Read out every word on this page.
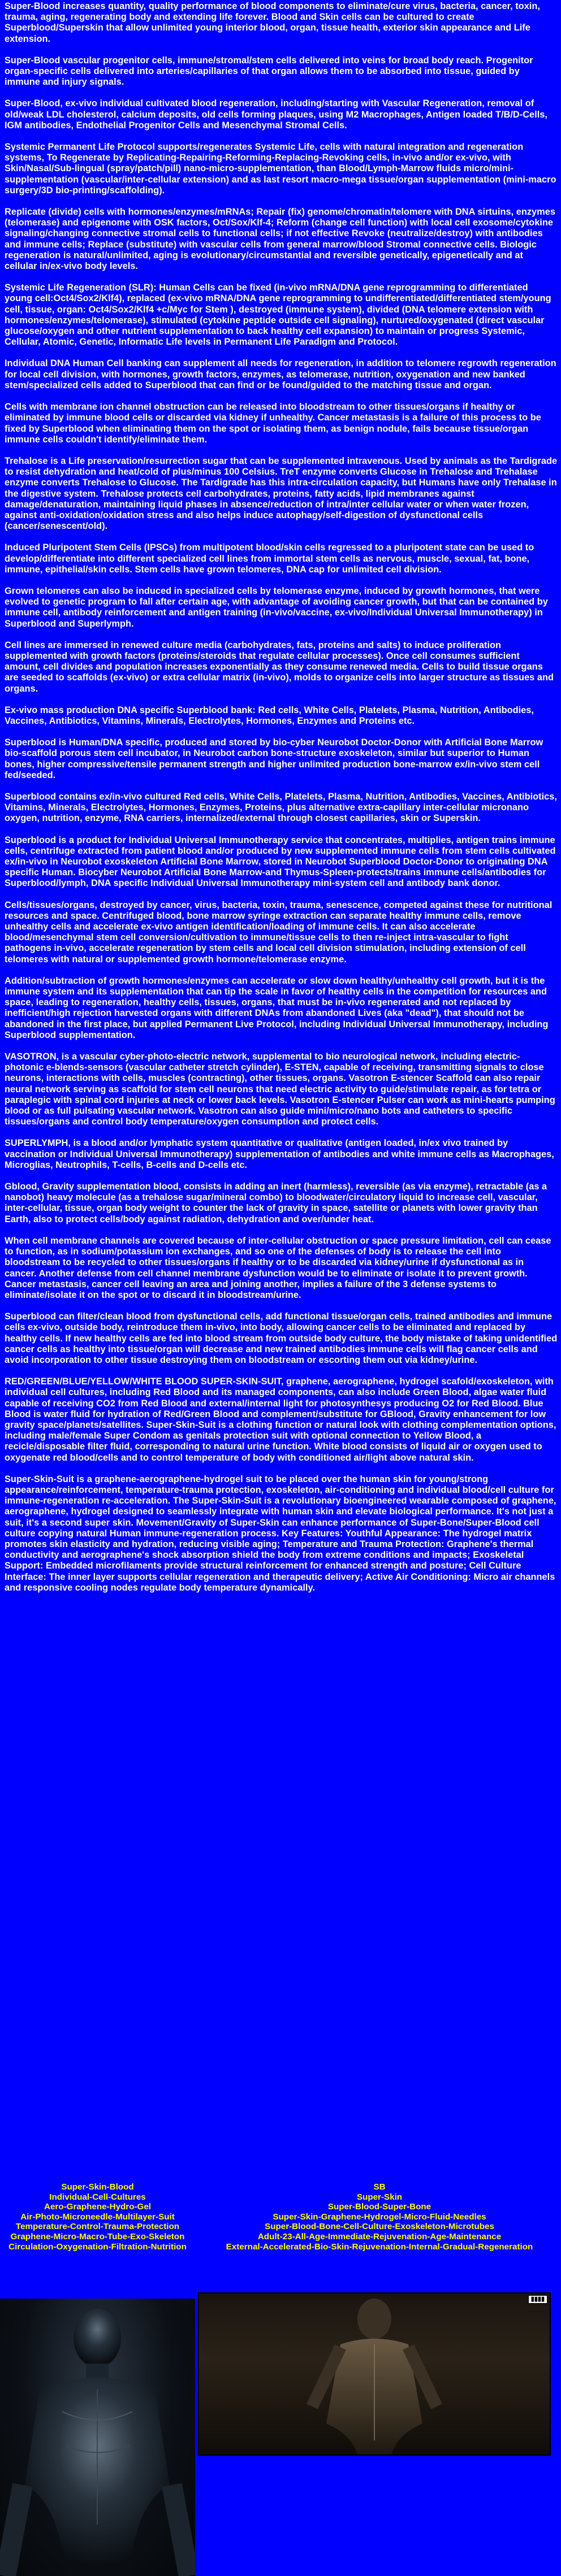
Super-Blood increases quantity, quality performance of blood components to eliminate/cure virus, bacteria, cancer, toxin, trauma, aging, regenerating body and extending life forever. Blood and Skin cells can be cultured to create Superblood/Superskin that allow unlimited young interior blood, organ, tissue health, exterior skin appearance and Life extension.
Super-Blood vascular progenitor cells, immune/stromal/stem cells delivered into veins for broad body reach. Progenitor organ-specific cells delivered into arteries/capillaries of that organ allows them to be absorbed into tissue, guided by immune and injury signals.
Super-Blood, ex-vivo individual cultivated blood regeneration, including/starting with Vascular Regeneration, removal of old/weak LDL cholesterol, calcium deposits, old cells forming plaques, using M2 Macrophages, Antigen loaded T/B/D-Cells, IGM antibodies, Endothelial Progenitor Cells and Mesenchymal Stromal Cells.
Systemic Permanent Life Protocol supports/regenerates Systemic Life, cells with natural integration and regeneration systems, To Regenerate by Replicating-Repairing-Reforming-Replacing-Revoking cells, in-vivo and/or ex-vivo, with Skin/Nasal/Sub-lingual (spray/patch/pill) nano-micro-supplementation, than Blood/Lymph-Marrow fluids micro/mini-supplementation (vascular/inter-cellular extension) and as last resort macro-mega tissue/organ supplementation (mini-macro surgery/3D bio-printing/scaffolding).
Replicate (divide) cells with hormones/enzymes/mRNAs; Repair (fix) genome/chromatin/telomere with DNA sirtuins, enzymes (telomerase) and epigenome with OSK factors, Oct/Sox/Klf-4; Reform (change cell function) with local cell exosome/cytokine signaling/changing connective stromal cells to functional cells; if not effective Revoke (neutralize/destroy) with antibodies and immune cells; Replace (substitute) with vascular cells from general marrow/blood Stromal connective cells. Biologic regeneration is natural/unlimited, aging is evolutionary/circumstantial and reversible genetically, epigenetically and at cellular in/ex-vivo body levels.
Systemic Life Regeneration (SLR): Human Cells can be fixed (in-vivo mRNA/DNA gene reprogramming to differentiated young cell:Oct4/Sox2/Klf4), replaced (ex-vivo mRNA/DNA gene reprogramming to undifferentiated/differentiated stem/young cell, tissue, organ: Oct4/Sox2/Klf4 +c/Myc for Stem ), destroyed (immune system), divided (DNA telomere extension with hormones/enzymes/telomerase), stimulated (cytokine peptide outside cell signaling), nurtured/oxygenated (direct vascular glucose/oxygen and other nutrient supplementation to back healthy cell expansion) to maintain or progress Systemic, Cellular, Atomic, Genetic, Informatic Life levels in Permanent Life Paradigm and Protocol.
Individual DNA Human Cell banking can supplement all needs for regeneration, in addition to telomere regrowth regeneration for local cell division, with hormones, growth factors, enzymes, as telomerase, nutrition, oxygenation and new banked stem/specialized cells added to Superblood that can find or be found/guided to the matching tissue and organ.
Cells with membrane ion channel obstruction can be released into bloodstream to other tissues/organs if healthy or eliminated by immune blood cells or discarded via kidney if unhealthy. Cancer metastasis is a failure of this process to be fixed by Superblood when eliminating them on the spot or isolating them, as benign nodule, fails because tissue/organ immune cells couldn't identify/eliminate them.
Trehalose is a Life preservation/resurrection sugar that can be supplemented intravenous. Used by animals as the Tardigrade to resist dehydration and heat/cold of plus/minus 100 Celsius. TreT enzyme converts Glucose in Trehalose and Trehalase enzyme converts Trehalose to Glucose. The Tardigrade has this intra-circulation capacity, but Humans have only Trehalase in the digestive system. Trehalose protects cell carbohydrates, proteins, fatty acids, lipid membranes against damage/denaturation, maintaining liquid phases in absence/reduction of intra/inter cellular water or when water frozen, against anti-oxidation/oxidation stress and also helps induce autophagy/self-digestion of dysfunctional cells (cancer/senescent/old).
Induced Pluripotent Stem Cells (IPSCs) from multipotent blood/skin cells regressed to a pluripotent state can be used to develop/differentiate into different specialized cell lines from immortal stem cells as nervous, muscle, sexual, fat, bone, immune, epithelial/skin cells. Stem cells have grown telomeres, DNA cap for unlimited cell division.
Grown telomeres can also be induced in specialized cells by telomerase enzyme, induced by growth hormones, that were evolved to genetic program to fall after certain age, with advantage of avoiding cancer growth, but that can be contained by immune cell, antibody reinforcement and antigen training (in-vivo/vaccine, ex-vivo/Individual Universal Immunotherapy) in Superblood and Superlymph.
Cell lines are immersed in renewed culture media (carbohydrates, fats, proteins and salts) to induce proliferation supplemented with growth factors (proteins/steroids that regulate cellular processes). Once cell consumes sufficient amount, cell divides and population increases exponentially as they consume renewed media. Cells to build tissue organs are seeded to scaffolds (ex-vivo) or extra cellular matrix (in-vivo), molds to organize cells into larger structure as tissues and organs.
Ex-vivo mass production DNA specific Superblood bank: Red cells, White Cells, Platelets, Plasma, Nutrition, Antibodies, Vaccines, Antibiotics, Vitamins, Minerals, Electrolytes, Hormones, Enzymes and Proteins etc.
Superblood is Human/DNA specific, produced and stored by bio-cyber Neurobot Doctor-Donor with Artificial Bone Marrow bio-scaffold porous stem cell incubator, in Neurobot carbon bone-structure exoskeleton, similar but superior to Human bones, higher compressive/tensile permanent strength and higher unlimited production bone-marrow ex/in-vivo stem cell fed/seeded.
Superblood contains ex/in-vivo cultured Red cells, White Cells, Platelets, Plasma, Nutrition, Antibodies, Vaccines, Antibiotics, Vitamins, Minerals, Electrolytes, Hormones, Enzymes, Proteins, plus alternative extra-capillary inter-cellular micronano oxygen, nutrition, enzyme, RNA carriers, internalized/external through closest capillaries, skin or Superskin.
Superblood is a product for Individual Universal Immunotherapy service that concentrates, multiplies, antigen trains immune cells, centrifuge extracted from patient blood and/or produced by new supplemented immune cells from stem cells cultivated ex/in-vivo in Neurobot exoskeleton Artificial Bone Marrow, stored in Neurobot Superblood Doctor-Donor to originating DNA specific Human. Biocyber Neurobot Artificial Bone Marrow-and Thymus-Spleen-protects/trains immune cells/antibodies for Superblood/lymph, DNA specific Individual Universal Immunotherapy mini-system cell and antibody bank donor.
Cells/tissues/organs, destroyed by cancer, virus, bacteria, toxin, trauma, senescence, competed against these for nutritional resources and space. Centrifuged blood, bone marrow syringe extraction can separate healthy immune cells, remove unhealthy cells and accelerate ex-vivo antigen identification/loading of immune cells. It can also accelerate blood/mesenchymal stem cell conversion/cultivation to immune/tissue cells to then re-inject intra-vascular to fight pathogens in-vivo, accelerate regeneration by stem cells and local cell division stimulation, including extension of cell telomeres with natural or supplemented growth hormone/telomerase enzyme.
Addition/subtraction of growth hormones/enzymes can accelerate or slow down healthy/unhealthy cell growth, but it is the immune system and its supplementation that can tip the scale in favor of healthy cells in the competition for resources and space, leading to regeneration, healthy cells, tissues, organs, that must be in-vivo regenerated and not replaced by inefficient/high rejection harvested organs with different DNAs from abandoned Lives (aka "dead"), that should not be abandoned in the first place, but applied Permanent Live Protocol, including Individual Universal Immunotherapy, including Superblood supplementation.
VASOTRON, is a vascular cyber-photo-electric network, supplemental to bio neurological network, including electric-photonic e-blends-sensors (vascular catheter stretch cylinder), E-STEN, capable of receiving, transmitting signals to close neurons, interactions with cells, muscles (contracting), other tissues, organs. Vasotron E-stencer Scaffold can also repair neural network serving as scaffold for stem cell neurons that need electric activity to guide/stimulate repair, as for tetra or paraplegic with spinal cord injuries at neck or lower back levels. Vasotron E-stencer Pulser can work as mini-hearts pumping blood or as full pulsating vascular network. Vasotron can also guide mini/micro/nano bots and catheters to specific tissues/organs and control body temperature/oxygen consumption and protect cells.
SUPERLYMPH, is a blood and/or lymphatic system quantitative or qualitative (antigen loaded, in/ex vivo trained by vaccination or Individual Universal Immunotherapy) supplementation of antibodies and white immune cells as Macrophages, Microglias, Neutrophils, T-cells, B-cells and D-cells etc.
Gblood, Gravity supplementation blood, consists in adding an inert (harmless), reversible (as via enzyme), retractable (as a nanobot) heavy molecule (as a trehalose sugar/mineral combo) to bloodwater/circulatory liquid to increase cell, vascular, inter-cellular, tissue, organ body weight to counter the lack of gravity in space, satellite or planets with lower gravity than Earth, also to protect cells/body against radiation, dehydration and over/under heat.
When cell membrane channels are covered because of inter-cellular obstruction or space pressure limitation, cell can cease to function, as in sodium/potassium ion exchanges, and so one of the defenses of body is to release the cell into bloodstream to be recycled to other tissues/organs if healthy or to be discarded via kidney/urine if dysfunctional as in cancer. Another defense from cell channel membrane dysfunction would be to eliminate or isolate it to prevent growth. Cancer metastasis, cancer cell leaving an area and joining another, implies a failure of the 3 defense systems to eliminate/isolate it on the spot or to discard it in bloodstream/urine.
Superblood can filter/clean blood from dysfunctional cells, add functional tissue/organ cells, trained antibodies and immune cells ex-vivo, outside body, reintroduce them in-vivo, into body, allowing cancer cells to be eliminated and replaced by healthy cells. If new healthy cells are fed into blood stream from outside body culture, the body mistake of taking unidentified cancer cells as healthy into tissue/organ will decrease and new trained antibodies immune cells will flag cancer cells and avoid incorporation to other tissue destroying them on bloodstream or escorting them out via kidney/urine.
RED/GREEN/BLUE/YELLOW/WHITE BLOOD SUPER-SKIN-SUIT, graphene, aerographene, hydrogel scafold/exoskeleton, with individual cell cultures, including Red Blood and its managed components, can also include Green Blood, algae water fluid capable of receiving CO2 from Red Blood and external/internal light for photosynthesys producing O2 for Red Blood. Blue Blood is water fluid for hydration of Red/Green Blood and complement/substitute for GBlood, Gravity enhancement for low gravity space/planets/satellites. Super-Skin-Suit is a clothing function or natural look with clothing complementation options, including male/female Super Condom as genitals protection suit with optional connection to Yellow Blood, a recicle/disposable filter fluid, corresponding to natural urine function. White blood consists of liquid air or oxygen used to oxygenate red blood/cells and to control temperature of body with conditioned air/light above natural skin.
Super-Skin-Suit is a graphene-aerographene-hydrogel suit to be placed over the human skin for young/strong appearance/reinforcement, temperature-trauma protection, exoskeleton, air-conditioning and individual blood/cell culture for immune-regeneration re-acceleration. The Super-Skin-Suit is a revolutionary bioengineered wearable composed of graphene, aerographene, hydrogel designed to seamlessly integrate with human skin and elevate biological performance. It's not just a suit, it's a second super skin. Movement/Gravity of Super-Skin can enhance performance of Super-Bone/Super-Blood cell culture copying natural Human immune-regeneration process. Key Features: Youthful Appearance: The hydrogel matrix promotes skin elasticity and hydration, reducing visible aging; Temperature and Trauma Protection: Graphene's thermal conductivity and aerographene's shock absorption shield the body from extreme conditions and impacts; Exoskeletal Support: Embedded microfilaments provide structural reinforcement for enhanced strength and posture; Cell Culture Interface: The inner layer supports cellular regeneration and therapeutic delivery; Active Air Conditioning: Micro air channels and responsive cooling nodes regulate body temperature dynamically.
Super-Skin-Blood
Individual-Cell-Cultures
Aero-Graphene-Hydro-Gel
Air-Photo-Microneedle-Multilayer-Suit
Temperature-Control-Trauma-Protection
Graphene-Micro-Macro-Tube-Exo-Skeleton
Circulation-Oxygenation-Filtration-Nutrition
SB
Super-Skin
Super-Blood-Super-Bone
Super-Skin-Graphene-Hydrogel-Micro-Fluid-Needles
Super-Blood-Bone-Cell-Culture-Exoskeleton-Microtubes
Adult-23-All-Age-Immediate-Rejuvenation-Age-Maintenance
External-Accelerated-Bio-Skin-Rejuvenation-Internal-Gradual-Regeneration
▮▮▮▮
